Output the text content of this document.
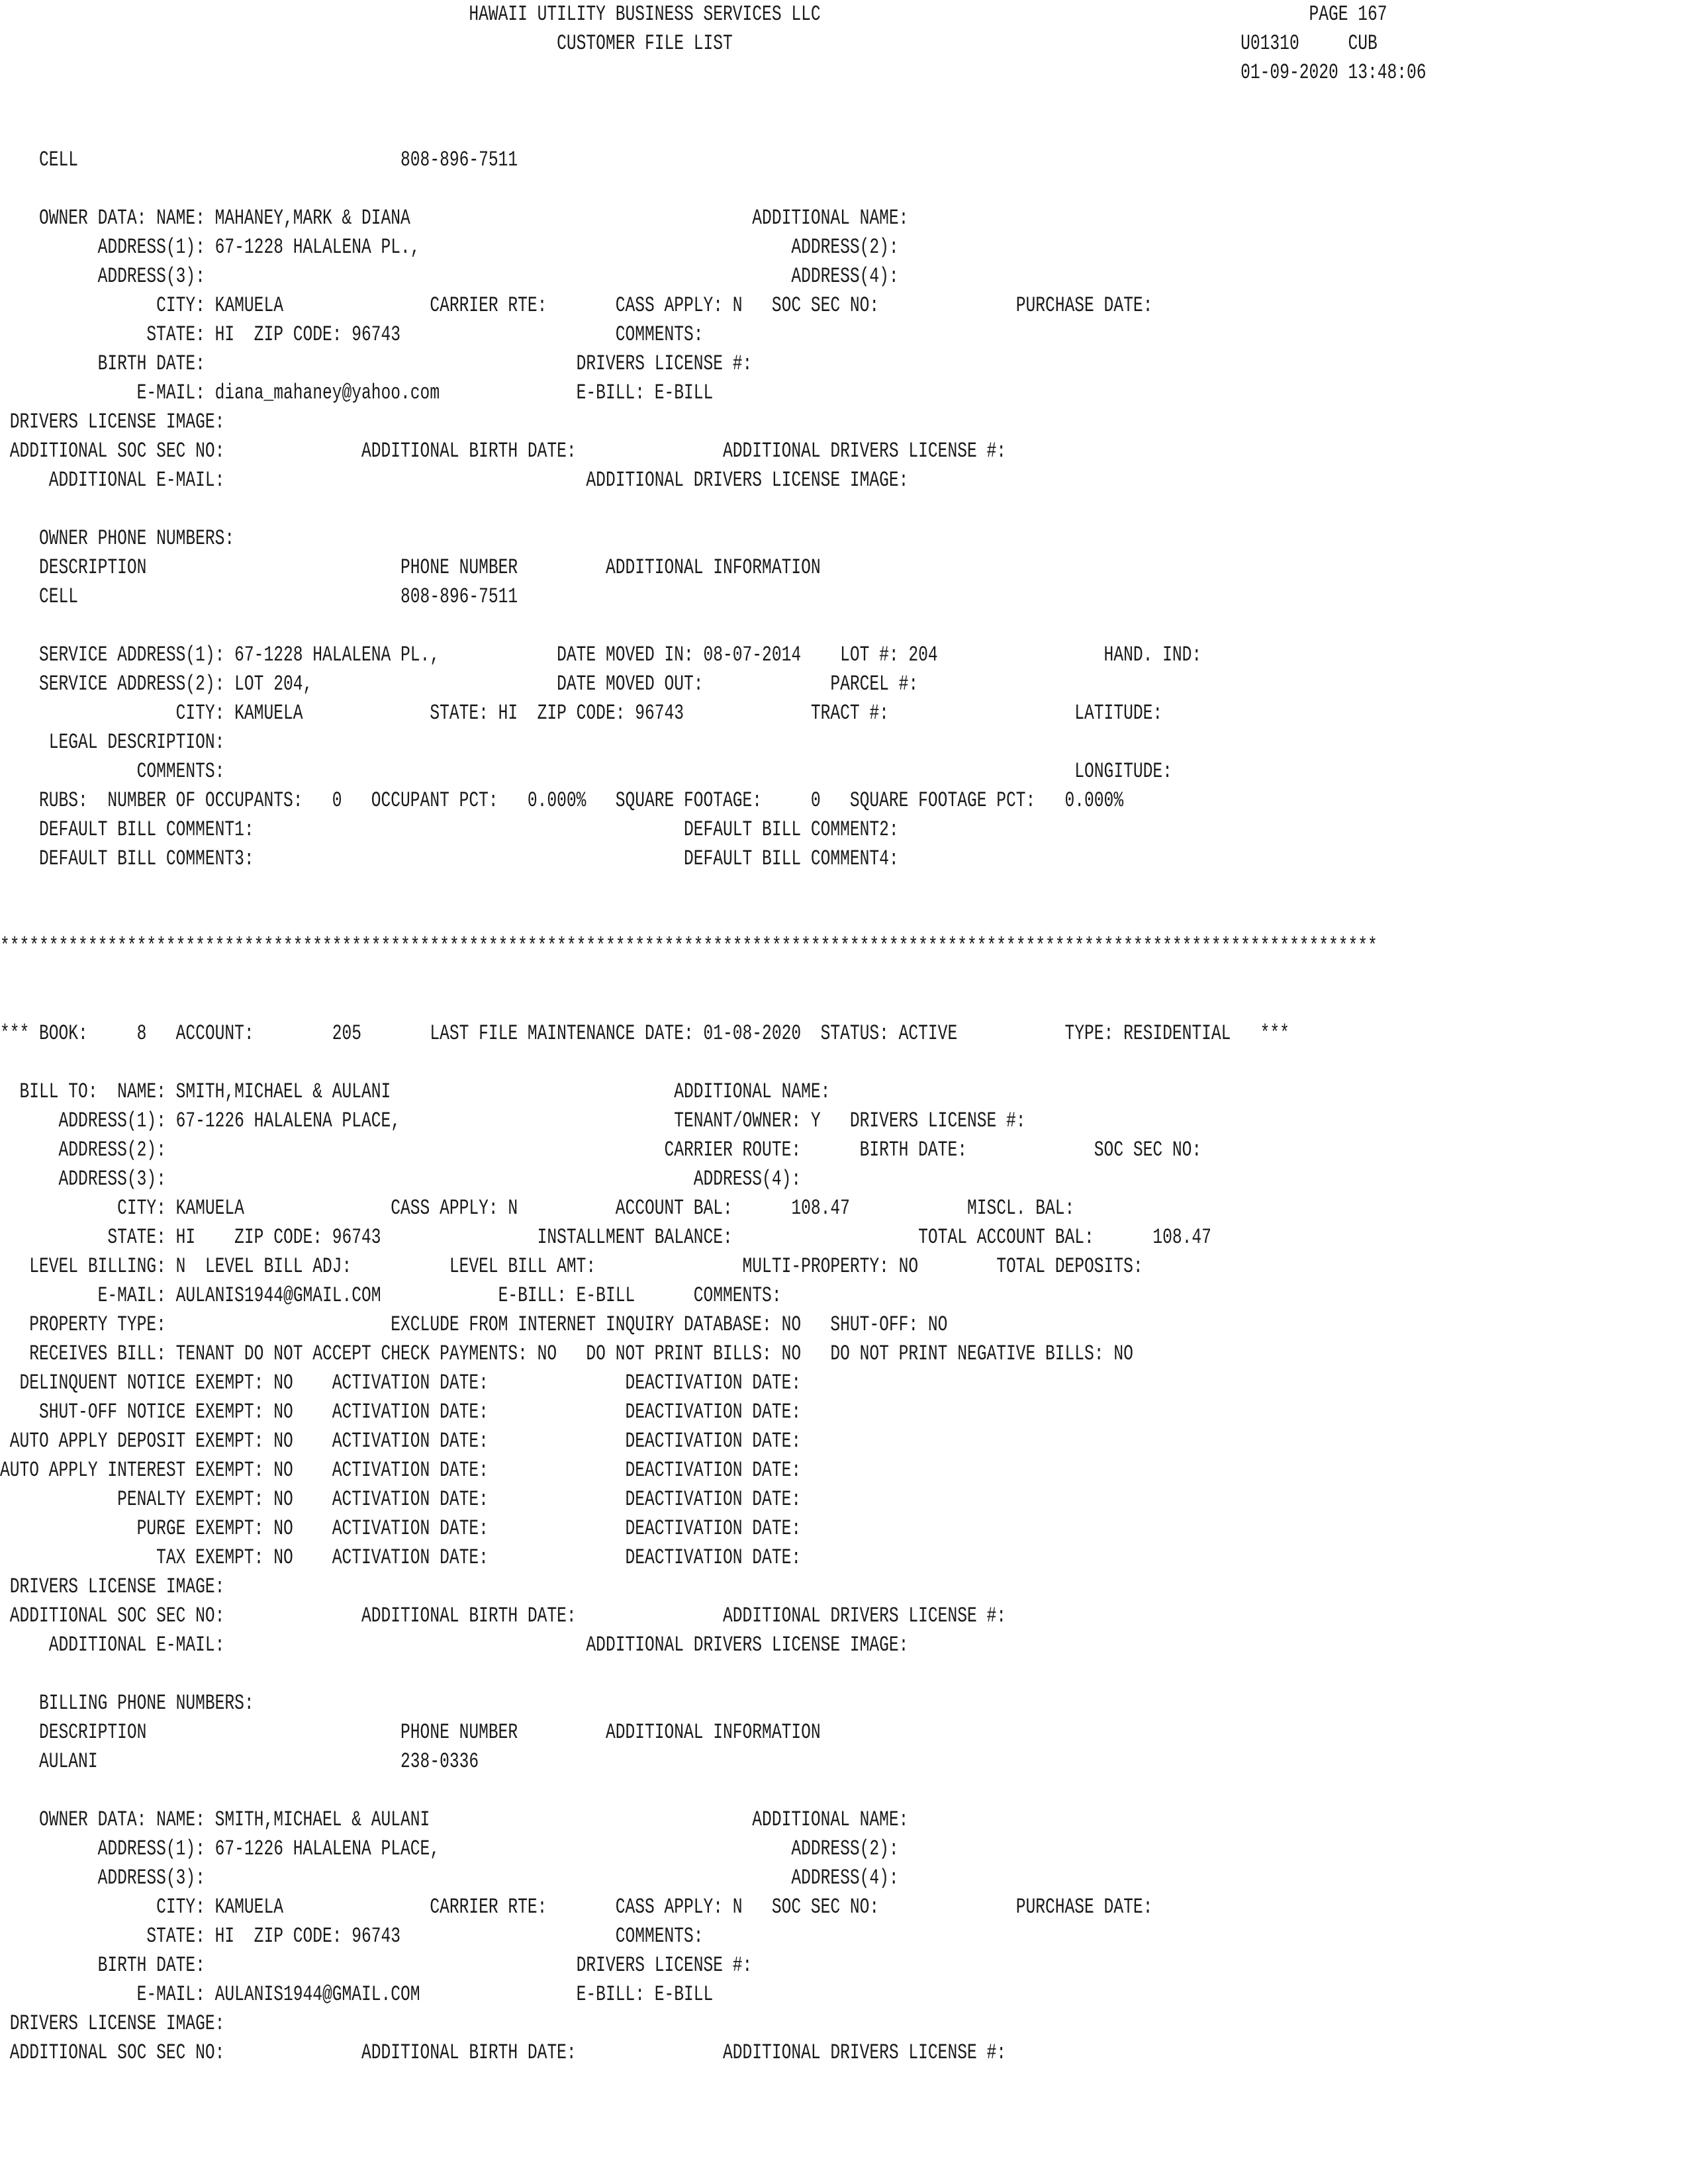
HAWAII UTILITY BUSINESS SERVICES LLC                                                  PAGE 167
CUSTOMER FILE LIST                                                    U01310     CUB
01-09-2020 13:48:06
CELL                                 808-896-7511
OWNER DATA: NAME: MAHANEY,MARK & DIANA                                   ADDITIONAL NAME:
ADDRESS(1): 67-1228 HALALENA PL.,                                      ADDRESS(2):
ADDRESS(3):                                                            ADDRESS(4):
CITY: KAMUELA               CARRIER RTE:       CASS APPLY: N   SOC SEC NO:              PURCHASE DATE:
STATE: HI  ZIP CODE: 96743                      COMMENTS:
BIRTH DATE:                                      DRIVERS LICENSE #:
E-MAIL: diana_mahaney@yahoo.com              E-BILL: E-BILL
DRIVERS LICENSE IMAGE:
ADDITIONAL SOC SEC NO:              ADDITIONAL BIRTH DATE:               ADDITIONAL DRIVERS LICENSE #:
ADDITIONAL E-MAIL:                                     ADDITIONAL DRIVERS LICENSE IMAGE:
OWNER PHONE NUMBERS:
DESCRIPTION                          PHONE NUMBER         ADDITIONAL INFORMATION
CELL                                 808-896-7511
SERVICE ADDRESS(1): 67-1228 HALALENA PL.,            DATE MOVED IN: 08-07-2014    LOT #: 204                 HAND. IND:
SERVICE ADDRESS(2): LOT 204,                         DATE MOVED OUT:             PARCEL #:
CITY: KAMUELA             STATE: HI  ZIP CODE: 96743             TRACT #:                   LATITUDE:
LEGAL DESCRIPTION:
COMMENTS:                                                                                       LONGITUDE:
RUBS:  NUMBER OF OCCUPANTS:   0   OCCUPANT PCT:   0.000%   SQUARE FOOTAGE:     0   SQUARE FOOTAGE PCT:   0.000%
DEFAULT BILL COMMENT1:                                            DEFAULT BILL COMMENT2:
DEFAULT BILL COMMENT3:                                            DEFAULT BILL COMMENT4:
*********************************************************************************************************************************************
*** BOOK:     8   ACCOUNT:        205       LAST FILE MAINTENANCE DATE: 01-08-2020  STATUS: ACTIVE           TYPE: RESIDENTIAL   ***
BILL TO:  NAME: SMITH,MICHAEL & AULANI                             ADDITIONAL NAME:
ADDRESS(1): 67-1226 HALALENA PLACE,                            TENANT/OWNER: Y   DRIVERS LICENSE #:
ADDRESS(2):                                                   CARRIER ROUTE:      BIRTH DATE:             SOC SEC NO:
ADDRESS(3):                                                      ADDRESS(4):
CITY: KAMUELA               CASS APPLY: N          ACCOUNT BAL:      108.47            MISCL. BAL:
STATE: HI    ZIP CODE: 96743                INSTALLMENT BALANCE:                   TOTAL ACCOUNT BAL:      108.47
LEVEL BILLING: N  LEVEL BILL ADJ:          LEVEL BILL AMT:               MULTI-PROPERTY: NO        TOTAL DEPOSITS:
E-MAIL: AULANIS1944@GMAIL.COM            E-BILL: E-BILL      COMMENTS:
PROPERTY TYPE:                       EXCLUDE FROM INTERNET INQUIRY DATABASE: NO   SHUT-OFF: NO
RECEIVES BILL: TENANT DO NOT ACCEPT CHECK PAYMENTS: NO   DO NOT PRINT BILLS: NO   DO NOT PRINT NEGATIVE BILLS: NO
DELINQUENT NOTICE EXEMPT: NO    ACTIVATION DATE:              DEACTIVATION DATE:
SHUT-OFF NOTICE EXEMPT: NO    ACTIVATION DATE:              DEACTIVATION DATE:
AUTO APPLY DEPOSIT EXEMPT: NO    ACTIVATION DATE:              DEACTIVATION DATE:
AUTO APPLY INTEREST EXEMPT: NO    ACTIVATION DATE:              DEACTIVATION DATE:
PENALTY EXEMPT: NO    ACTIVATION DATE:              DEACTIVATION DATE:
PURGE EXEMPT: NO    ACTIVATION DATE:              DEACTIVATION DATE:
TAX EXEMPT: NO    ACTIVATION DATE:              DEACTIVATION DATE:
DRIVERS LICENSE IMAGE:
ADDITIONAL SOC SEC NO:              ADDITIONAL BIRTH DATE:               ADDITIONAL DRIVERS LICENSE #:
ADDITIONAL E-MAIL:                                     ADDITIONAL DRIVERS LICENSE IMAGE:
BILLING PHONE NUMBERS:
DESCRIPTION                          PHONE NUMBER         ADDITIONAL INFORMATION
AULANI                               238-0336
OWNER DATA: NAME: SMITH,MICHAEL & AULANI                                 ADDITIONAL NAME:
ADDRESS(1): 67-1226 HALALENA PLACE,                                    ADDRESS(2):
ADDRESS(3):                                                            ADDRESS(4):
CITY: KAMUELA               CARRIER RTE:       CASS APPLY: N   SOC SEC NO:              PURCHASE DATE:
STATE: HI  ZIP CODE: 96743                      COMMENTS:
BIRTH DATE:                                      DRIVERS LICENSE #:
E-MAIL: AULANIS1944@GMAIL.COM                E-BILL: E-BILL
DRIVERS LICENSE IMAGE:
ADDITIONAL SOC SEC NO:              ADDITIONAL BIRTH DATE:               ADDITIONAL DRIVERS LICENSE #:
